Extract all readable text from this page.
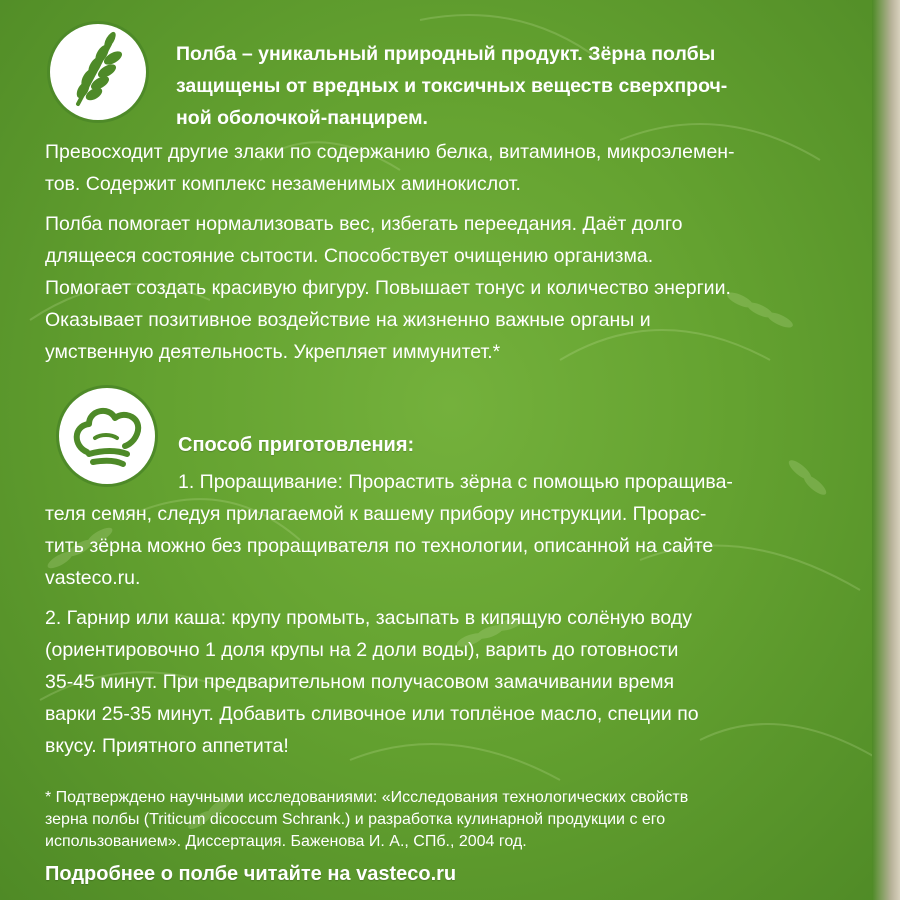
Полба – уникальный природный продукт. Зёрна полбы
защищены от вредных и токсичных веществ сверхпроч-
ной оболочкой-панцирем.
Превосходит другие злаки по содержанию белка, витаминов, микроэлемен-
тов. Содержит комплекс незаменимых аминокислот.
Полба помогает нормализовать вес, избегать переедания. Даёт долго
длящееся состояние сытости. Способствует очищению организма.
Помогает создать красивую фигуру. Повышает тонус и количество энергии.
Оказывает позитивное воздействие на жизненно важные органы и
умственную деятельность. Укрепляет иммунитет.*
Способ приготовления:
1. Проращивание: Прорастить зёрна с помощью проращива-
теля семян, следуя прилагаемой к вашему прибору инструкции. Прорас-
тить зёрна можно без проращивателя по технологии, описанной на сайте
vasteco.ru.
2. Гарнир или каша: крупу промыть, засыпать в кипящую солёную воду
(ориентировочно 1 доля крупы на 2 доли воды), варить до готовности
35-45 минут. При предварительном получасовом замачивании время
варки 25-35 минут. Добавить сливочное или топлёное масло, специи по
вкусу. Приятного аппетита!
* Подтверждено научными исследованиями: «Исследования технологических свойств
зерна полбы (Triticum dicoccum Schrank.) и разработка кулинарной продукции с его
использованием». Диссертация. Баженова И. А., СПб., 2004 год.
Подробнее о полбе читайте на vasteco.ru
